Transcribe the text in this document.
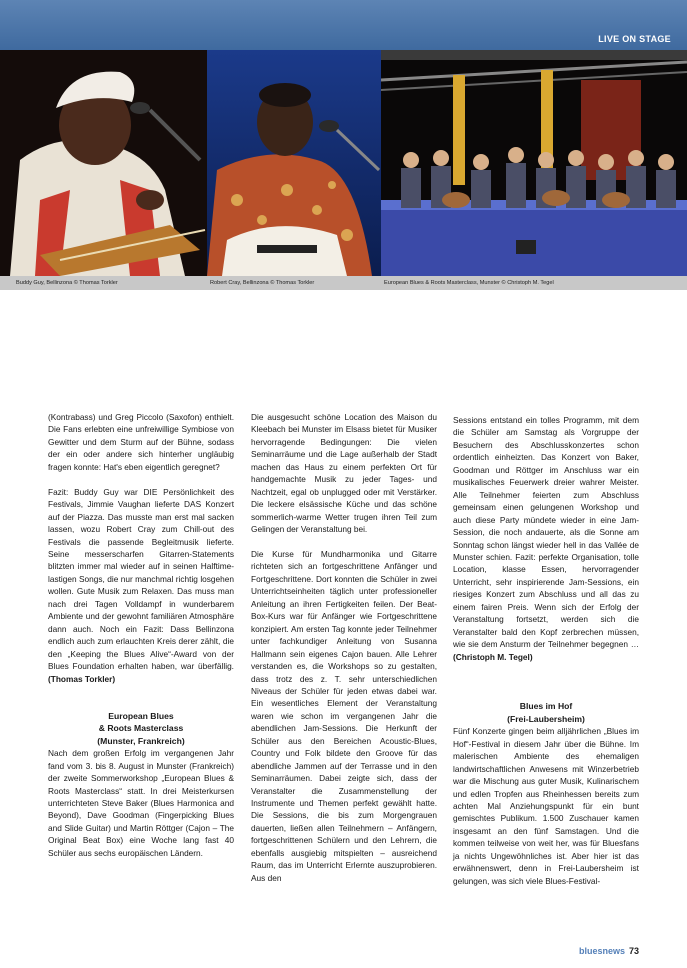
LIVE ON STAGE
Buddy Guy, Bellinzona © Thomas Torkler	Robert Cray, Bellinzona © Thomas Torkler	European Blues & Roots Masterclass, Munster © Christoph M. Tegel

(Kontrabass) und Greg Piccolo (Saxofon) enthielt. Die Fans erlebten eine unfreiwillige Symbiose von Gewitter und dem Sturm auf der Bühne, sodass der ein oder andere sich hinterher ungläubig fragen konnte: Hat's eben eigentlich geregnet?

Fazit: Buddy Guy war DIE Persönlichkeit des Festivals, Jimmie Vaughan lieferte DAS Konzert auf der Piazza. Das musste man erst mal sacken lassen, wozu Robert Cray zum Chill-out des Festivals die passende Begleitmusik lieferte. Seine messerscharfen Gitarren-Statements blitzten immer mal wieder auf in seinen Halftime-lastigen Songs, die nur manchmal richtig losgehen wollen. Gute Musik zum Relaxen. Das muss man nach drei Tagen Volldampf in wunderbarem Ambiente und der gewohnt familiären Atmosphäre dann auch. Noch ein Fazit: Dass Bellinzona endlich auch zum erlauchten Kreis derer zählt, die den „Keeping the Blues Alive“-Award von der Blues Foundation erhalten haben, war überfällig. (Thomas Torkler)

European Blues

& Roots Masterclass

(Munster, Frankreich)

Nach dem großen Erfolg im vergangenen Jahr fand vom 3. bis 8. August in Munster (Frankreich) der zweite Sommerworkshop „European Blues & Roots Masterclass“ statt. In drei Meisterkursen unterrichteten Steve Baker (Blues Harmonica and Beyond), Dave Goodman (Fingerpicking Blues and Slide Guitar) und Martin Röttger (Cajon – The Original Beat Box) eine Woche lang fast 40 Schüler aus sechs europäischen Ländern.

Die ausgesucht schöne Location des Maison du Kleebach bei Munster im Elsass bietet für Musiker hervorragende Bedingungen: Die vielen Seminarräume und die Lage außerhalb der Stadt machen das Haus zu einem perfekten Ort für handgemachte Musik zu jeder Tages- und Nachtzeit, egal ob unplugged oder mit Verstärker. Die leckere elsässische Küche und das schöne sommerlich-warme Wetter trugen ihren Teil zum Gelingen der Veranstaltung bei.

Die Kurse für Mundharmonika und Gitarre richteten sich an fortgeschrittene Anfänger und Fortgeschrittene. Dort konnten die Schüler in zwei Unterrichtseinheiten täglich unter professioneller Anleitung an ihren Fertigkeiten feilen. Der Beat-Box-Kurs war für Anfänger wie Fortgeschrittene konzipiert. Am ersten Tag konnte jeder Teilnehmer unter fachkundiger Anleitung von Susanna Hallmann sein eigenes Cajon bauen. Alle Lehrer verstanden es, die Workshops so zu gestalten, dass trotz des z. T. sehr unterschiedlichen Niveaus der Schüler für jeden etwas dabei war. Ein wesentliches Element der Veranstaltung waren wie schon im vergangenen Jahr die abendlichen Jam-Sessions. Die Herkunft der Schüler aus den Bereichen Acoustic-Blues, Country und Folk bildete den Groove für das abendliche Jammen auf der Terrasse und in den Seminarräumen. Dabei zeigte sich, dass der Veranstalter die Zusammenstellung der Instrumente und Themen perfekt gewählt hatte. Die Sessions, die bis zum Morgengrauen dauerten, ließen allen Teilnehmern – Anfängern, fortgeschrittenen Schülern und den Lehrern, die ebenfalls ausgiebig mitspielten – ausreichend Raum, das im Unterricht Erlernte auszuprobieren. Aus den

Sessions entstand ein tolles Programm, mit dem die Schüler am Samstag als Vorgruppe der Besuchern des Abschlusskonzertes schon ordentlich einheizten. Das Konzert von Baker, Goodman und Röttger im Anschluss war ein musikalisches Feuerwerk dreier wahrer Meister. Alle Teilnehmer feierten zum Abschluss gemeinsam einen gelungenen Workshop und auch diese Party mündete wieder in eine Jam-Session, die noch andauerte, als die Sonne am Sonntag schon längst wieder hell in das Vallée de Munster schien. Fazit: perfekte Organisation, tolle Location, klasse Essen, hervorragender Unterricht, sehr inspirierende Jam-Sessions, ein riesiges Konzert zum Abschluss und all das zu einem fairen Preis. Wenn sich der Erfolg der Veranstaltung fortsetzt, werden sich die Veranstalter bald den Kopf zerbrechen müssen, wie sie dem Ansturm der Teilnehmer begegnen … (Christoph M. Tegel)

Blues im Hof

(Frei-Laubersheim)

Fünf Konzerte gingen beim alljährlichen „Blues im Hof“-Festival in diesem Jahr über die Bühne. Im malerischen Ambiente des ehemaligen landwirtschaftlichen Anwesens mit Winzerbetrieb war die Mischung aus guter Musik, Kulinarischem und edlen Tropfen aus Rheinhessen bereits zum achten Mal Anziehungspunkt für ein bunt gemischtes Publikum. 1.500 Zuschauer kamen insgesamt an den fünf Samstagen. Und die kommen teilweise von weit her, was für Bluesfans ja nichts Ungewöhnliches ist. Aber hier ist das erwähnenswert, denn in Frei-Laubersheim ist gelungen, was sich viele Blues-Festival-

bluesnews 73
